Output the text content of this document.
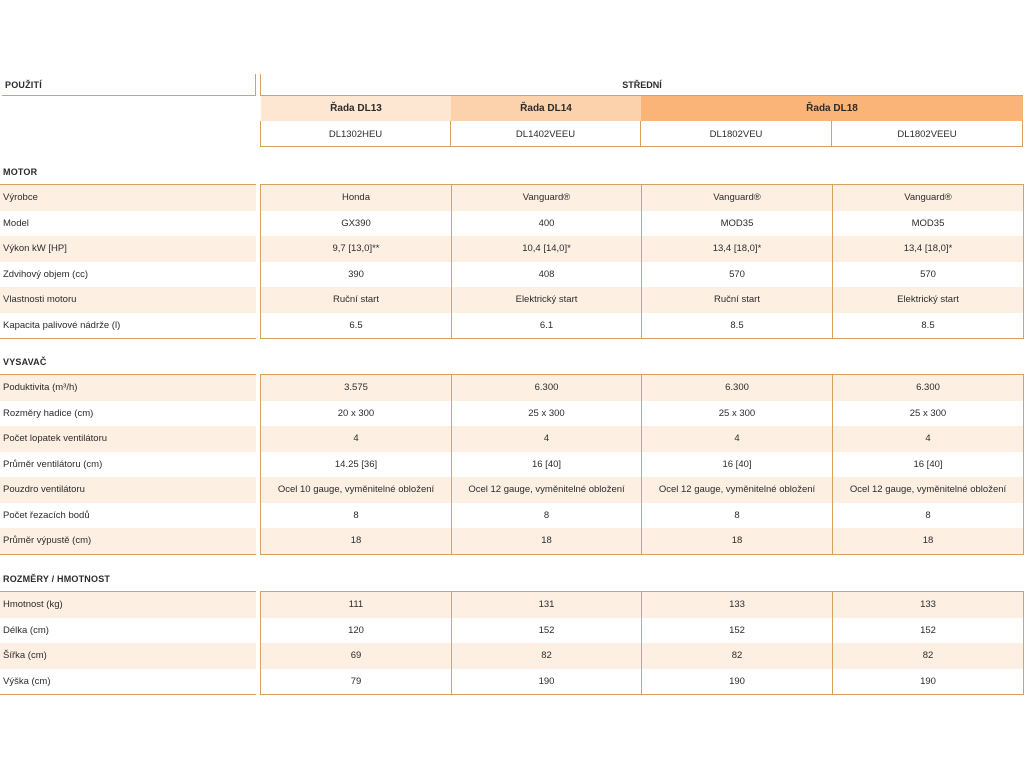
POUŽITÍ	STŘEDNÍ
Řada DL13	Řada DL14	Řada DL18
DL1302HEU	DL1402VEEU	DL1802VEU	DL1802VEEU
MOTOR
Výrobce	Honda	Vanguard®	Vanguard®	Vanguard®
Model	GX390	400	MOD35	MOD35
Výkon kW [HP]	9,7 [13,0]**	10,4 [14,0]*	13,4 [18,0]*	13,4 [18,0]*
Zdvihový objem (cc)	390	408	570	570
Vlastnosti motoru	Ruční start	Elektrický start	Ruční start	Elektrický start
Kapacita palivové nádrže (l)	6.5	6.1	8.5	8.5
VYSAVAČ
Poduktivita (m³/h)	3.575	6.300	6.300	6.300
Rozměry hadice (cm)	20 x 300	25 x 300	25 x 300	25 x 300
Počet lopatek ventilátoru	4	4	4	4
Průměr ventilátoru (cm)	14.25 [36]	16 [40]	16 [40]	16 [40]
Pouzdro ventilátoru	Ocel 10 gauge, vyměnitelné obložení	Ocel 12 gauge, vyměnitelné obložení	Ocel 12 gauge, vyměnitelné obložení	Ocel 12 gauge, vyměnitelné obložení
Počet řezacích bodů	8	8	8	8
Průměr výpustě (cm)	18	18	18	18
ROZMĚRY / HMOTNOST
Hmotnost (kg)	111	131	133	133
Délka (cm)	120	152	152	152
Šířka (cm)	69	82	82	82
Výška (cm)	79	190	190	190
